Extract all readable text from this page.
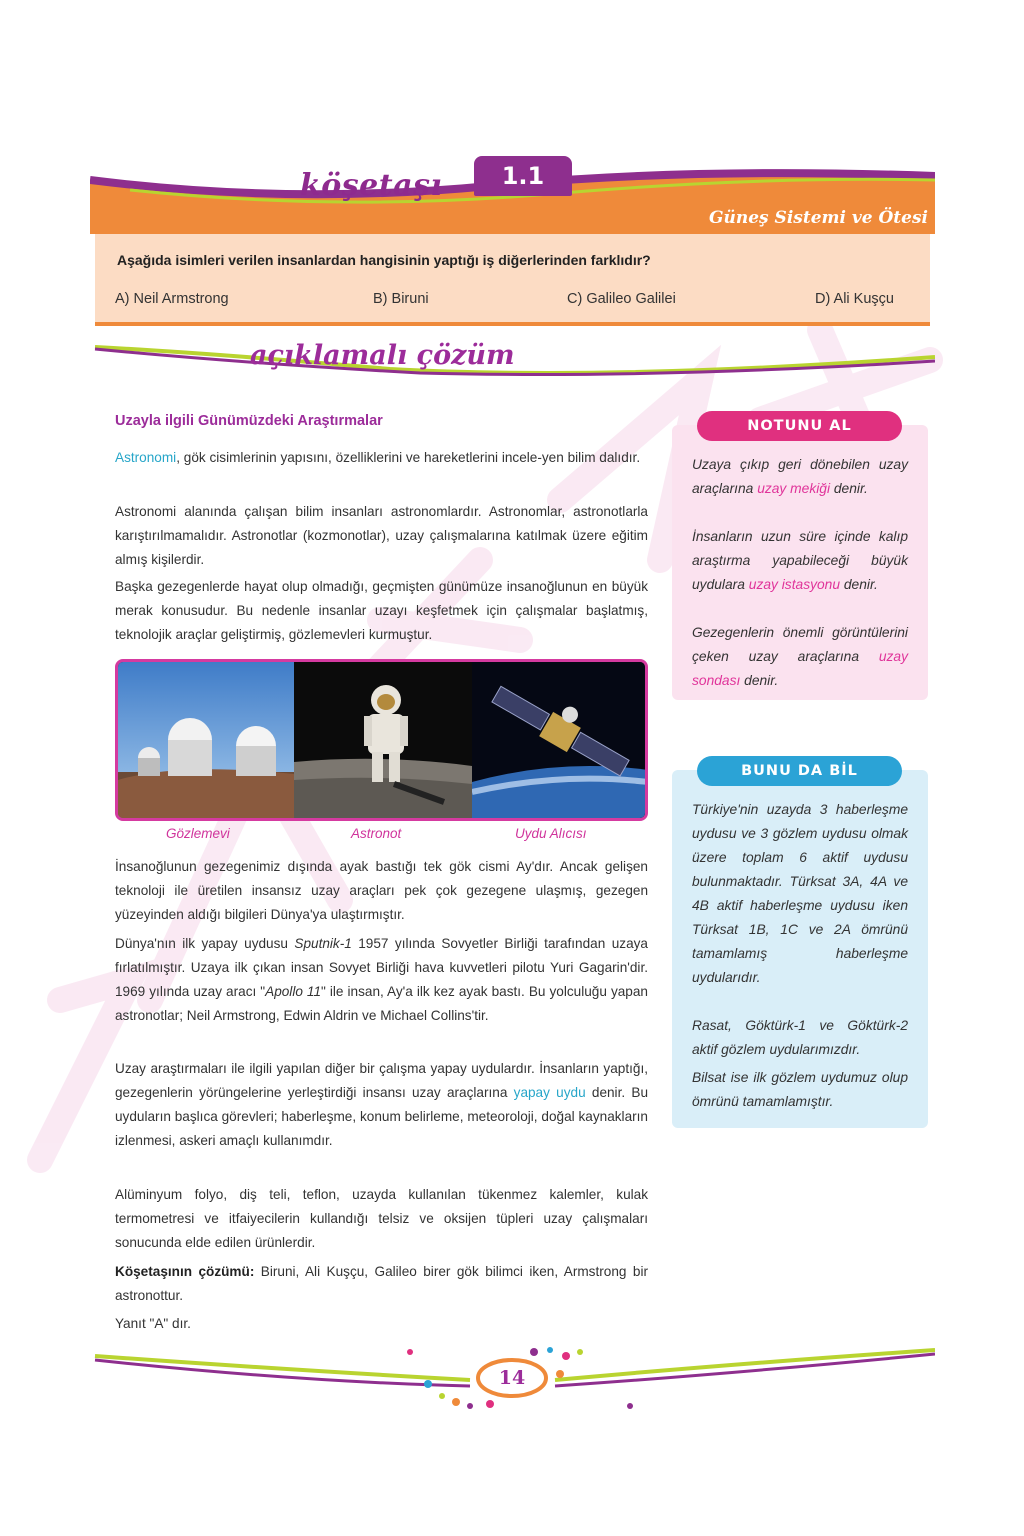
köşetaşı	1.1
Güneş Sistemi ve Ötesi
Aşağıda isimleri verilen insanlardan hangisinin yaptığı iş diğerlerinden farklıdır?
A) Neil Armstrong	B) Biruni	C) Galileo Galilei	D) Ali Kuşçu
açıklamalı çözüm
Uzayla ilgili Günümüzdeki Araştırmalar

Astronomi, gök cisimlerinin yapısını, özelliklerini ve hareketlerini incele-yen bilim dalıdır.

Astronomi alanında çalışan bilim insanları astronomlardır. Astronomlar, astronotlarla karıştırılmamalıdır. Astronotlar (kozmonotlar), uzay çalışmalarına katılmak üzere eğitim almış kişilerdir.

Başka gezegenlerde hayat olup olmadığı, geçmişten günümüze insanoğlunun en büyük merak konusudur. Bu nedenle insanlar uzayı keşfetmek için çalışmalar başlatmış, teknolojik araçlar geliştirmiş, gözlemevleri kurmuştur.

Gözlemevi	Astronot	Uydu Alıcısı

İnsanoğlunun gezegenimiz dışında ayak bastığı tek gök cismi Ay'dır. Ancak gelişen teknoloji ile üretilen insansız uzay araçları pek çok gezegene ulaşmış, gezegen yüzeyinden aldığı bilgileri Dünya'ya ulaştırmıştır.

Dünya'nın ilk yapay uydusu Sputnik-1 1957 yılında Sovyetler Birliği tarafından uzaya fırlatılmıştır. Uzaya ilk çıkan insan Sovyet Birliği hava kuvvetleri pilotu Yuri Gagarin'dir. 1969 yılında uzay aracı "Apollo 11" ile insan, Ay'a ilk kez ayak bastı. Bu yolculuğu yapan astronotlar; Neil Armstrong, Edwin Aldrin ve Michael Collins'tir.

Uzay araştırmaları ile ilgili yapılan diğer bir çalışma yapay uydulardır. İnsanların yaptığı, gezegenlerin yörüngelerine yerleştirdiği insansı uzay araçlarına yapay uydu denir. Bu uyduların başlıca görevleri; haberleşme, konum belirleme, meteoroloji, doğal kaynakların izlenmesi, askeri amaçlı kullanımdır.

Alüminyum folyo, diş teli, teflon, uzayda kullanılan tükenmez kalemler, kulak termometresi ve itfaiyecilerin kullandığı telsiz ve oksijen tüpleri uzay çalışmaları sonucunda elde edilen ürünlerdir.

Köşetaşının çözümü: Biruni, Ali Kuşçu, Galileo birer gök bilimci iken, Armstrong bir astronottur.

Yanıt "A" dır.

Uzaya çıkıp geri dönebilen uzay araçlarına uzay mekiği denir.
İnsanların uzun süre içinde kalıp araştırma yapabileceği büyük uydulara uzay istasyonu denir.
Gezegenlerin önemli görüntülerini çeken uzay araçlarına uzay sondası denir.
NOTUNU AL
Türkiye'nin uzayda 3 haberleşme uydusu ve 3 gözlem uydusu olmak üzere toplam 6 aktif uydusu bulunmaktadır. Türksat 3A, 4A ve 4B aktif haberleşme uydusu iken Türksat 1B, 1C ve 2A ömrünü tamamlamış haberleşme uydularıdır.
Rasat, Göktürk-1 ve Göktürk-2 aktif gözlem uydularımızdır.
Bilsat ise ilk gözlem uydumuz olup ömrünü tamamlamıştır.
BUNU DA BİL
14
